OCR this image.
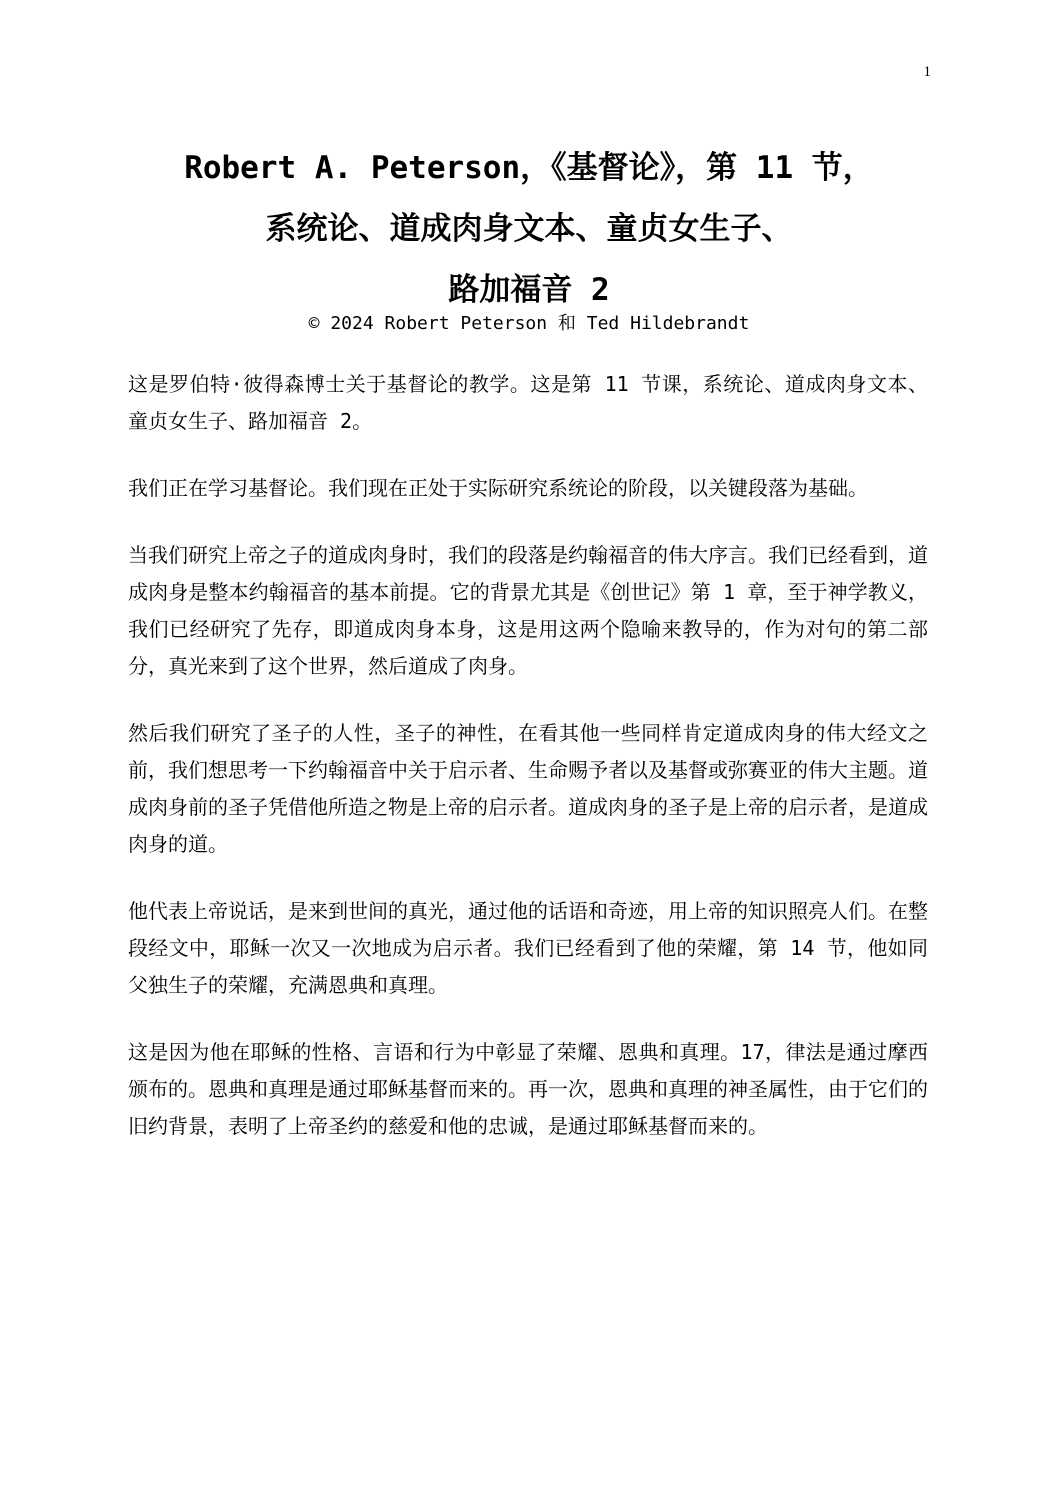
1
Robert A. Peterson，《基督论》，第 11 节，
系统论、道成肉身文本、童贞女生子、
路加福音 2
© 2024 Robert Peterson 和 Ted Hildebrandt

这是罗伯特·彼得森博士关于基督论的教学。这是第 11 节课，系统论、道成肉身文本、童贞女生子、路加福音 2。

我们正在学习基督论。我们现在正处于实际研究系统论的阶段，以关键段落为基础。

当我们研究上帝之子的道成肉身时，我们的段落是约翰福音的伟大序言。我们已经看到，道成肉身是整本约翰福音的基本前提。它的背景尤其是《创世记》第 1 章，至于神学教义，我们已经研究了先存，即道成肉身本身，这是用这两个隐喻来教导的，作为对句的第二部分，真光来到了这个世界，然后道成了肉身。

然后我们研究了圣子的人性，圣子的神性，在看其他一些同样肯定道成肉身的伟大经文之前，我们想思考一下约翰福音中关于启示者、生命赐予者以及基督或弥赛亚的伟大主题。道成肉身前的圣子凭借他所造之物是上帝的启示者。道成肉身的圣子是上帝的启示者，是道成肉身的道。

他代表上帝说话，是来到世间的真光，通过他的话语和奇迹，用上帝的知识照亮人们。在整段经文中，耶稣一次又一次地成为启示者。我们已经看到了他的荣耀，第 14 节，他如同父独生子的荣耀，充满恩典和真理。

这是因为他在耶稣的性格、言语和行为中彰显了荣耀、恩典和真理。17，律法是通过摩西颁布的。恩典和真理是通过耶稣基督而来的。再一次，恩典和真理的神圣属性，由于它们的旧约背景，表明了上帝圣约的慈爱和他的忠诚，是通过耶稣基督而来的。
